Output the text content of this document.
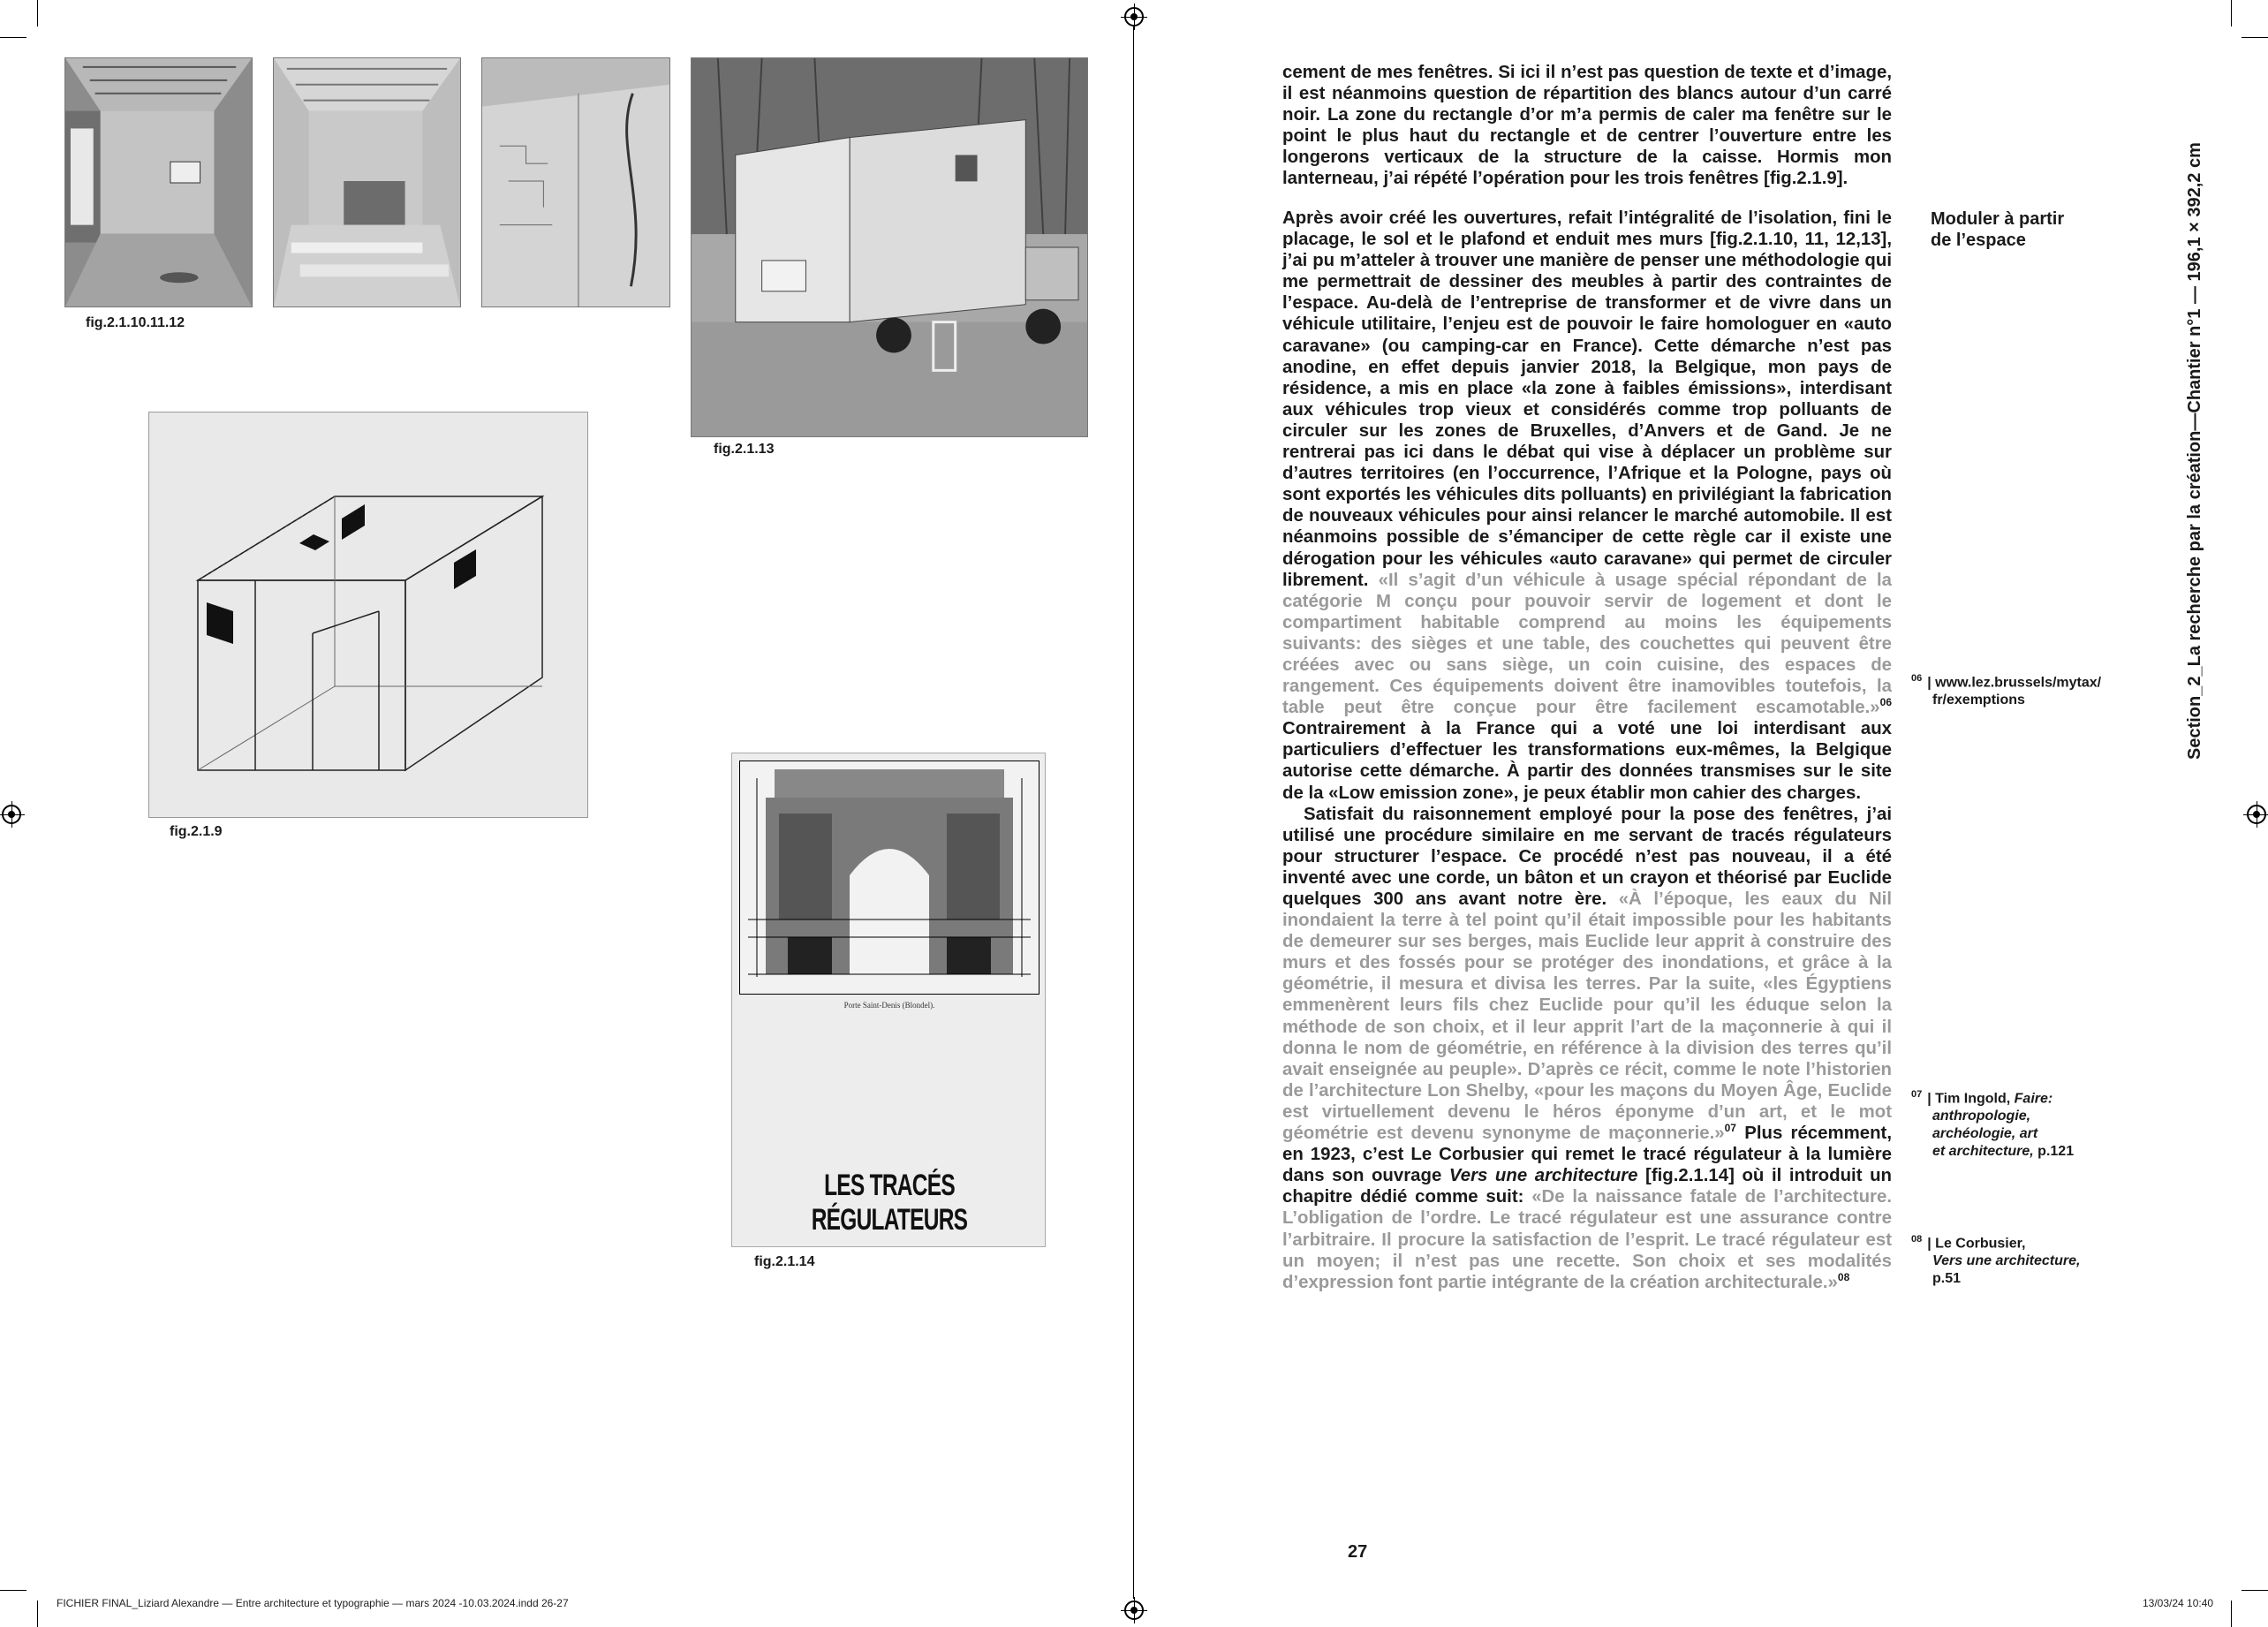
fig.2.1.10.11.12
fig.2.1.13
fig.2.1.9
Porte Saint-Denis (Blondel).
LES TRACÉS RÉGULATEURS
fig.2.1.14

cement de mes fenêtres. Si ici il n’est pas question de texte et d’image, il est néanmoins question de répartition des blancs autour d’un carré noir. La zone du rectangle d’or m’a permis de caler ma fenêtre sur le point le plus haut du rectangle et de centrer l’ouverture entre les longerons verticaux de la structure de la caisse. Hormis mon lanterneau, j’ai répété l’opération pour les trois fenêtres [fig.2.1.9].

Après avoir créé les ouvertures, refait l’intégralité de l’isolation, fini le placage, le sol et le plafond et enduit mes murs [fig.2.1.10, 11, 12,13], j’ai pu m’atteler à trouver une manière de penser une méthodologie qui me permettrait de dessiner des meubles à partir des contraintes de l’espace. Au-delà de l’entreprise de transformer et de vivre dans un véhicule utilitaire, l’enjeu est de pouvoir le faire homologuer en «auto caravane» (ou camping-car en France). Cette démarche n’est pas anodine, en effet depuis janvier 2018, la Belgique, mon pays de résidence, a mis en place «la zone à faibles émissions», interdisant aux véhicules trop vieux et considérés comme trop polluants de circuler sur les zones de Bruxelles, d’Anvers et de Gand. Je ne rentrerai pas ici dans le débat qui vise à déplacer un problème sur d’autres territoires (en l’occurrence, l’Afrique et la Pologne, pays où sont exportés les véhicules dits polluants) en privilégiant la fabrication de nouveaux véhicules pour ainsi relancer le marché automobile. Il est néanmoins possible de s’émanciper de cette règle car il existe une dérogation pour les véhicules «auto caravane» qui permet de circuler librement. «Il s’agit d’un véhicule à usage spécial répondant de la catégorie M conçu pour pouvoir servir de logement et dont le compartiment habitable comprend au moins les équipements suivants: des sièges et une table, des couchettes qui peuvent être créées avec ou sans siège, un coin cuisine, des espaces de rangement. Ces équipements doivent être inamovibles toutefois, la table peut être conçue pour être facilement escamotable.»$^{06}$ Contrairement à la France qui a voté une loi interdisant aux particuliers d’effectuer les transformations eux-mêmes, la Belgique autorise cette démarche. À partir des données transmises sur le site de la «Low emission zone», je peux établir mon cahier des charges.

Satisfait du raisonnement employé pour la pose des fenêtres, j’ai utilisé une procédure similaire en me servant de tracés régulateurs pour structurer l’espace. Ce procédé n’est pas nouveau, il a été inventé avec une corde, un bâton et un crayon et théorisé par Euclide quelques 300 ans avant notre ère. «À l’époque, les eaux du Nil inondaient la terre à tel point qu’il était impossible pour les habitants de demeurer sur ses berges, mais Euclide leur apprit à construire des murs et des fossés pour se protéger des inondations, et grâce à la géométrie, il mesura et divisa les terres. Par la suite, «les Égyptiens emmenèrent leurs fils chez Euclide pour qu’il les éduque selon la méthode de son choix, et il leur apprit l’art de la maçonnerie à qui il donna le nom de géométrie, en référence à la division des terres qu’il avait enseignée au peuple». D’après ce récit, comme le note l’historien de l’architecture Lon Shelby, «pour les maçons du Moyen Âge, Euclide est virtuellement devenu le héros éponyme d’un art, et le mot géométrie est devenu synonyme de maçonnerie.»$^{07}$ Plus récemment, en 1923, c’est Le Corbusier qui remet le tracé régulateur à la lumière dans son ouvrage Vers une architecture [fig.2.1.14] où il introduit un chapitre dédié comme suit: «De la naissance fatale de l’architecture. L’obligation de l’ordre. Le tracé régulateur est une assurance contre l’arbitraire. Il procure la satisfaction de l’esprit. Le tracé régulateur est un moyen; il n’est pas une recette. Son choix et ses modalités d’expression font partie intégrante de la création architecturale.»$^{08}$

Moduler à partir de l’espace
$^{06}$ | www.lez.brussels/mytax/
fr/exemptions
$^{07}$ | Tim Ingold, Faire:
anthropologie,
archéologie, art
et architecture, p.121
$^{08}$ | Le Corbusier,
Vers une architecture,
p.51
Section_2_La recherche par la création—Chantier n°1 — 196,1 × 392,2 cm
27
FICHIER FINAL_Liziard Alexandre — Entre architecture et typographie — mars 2024 -10.03.2024.indd 26-27	13/03/24 10:40
